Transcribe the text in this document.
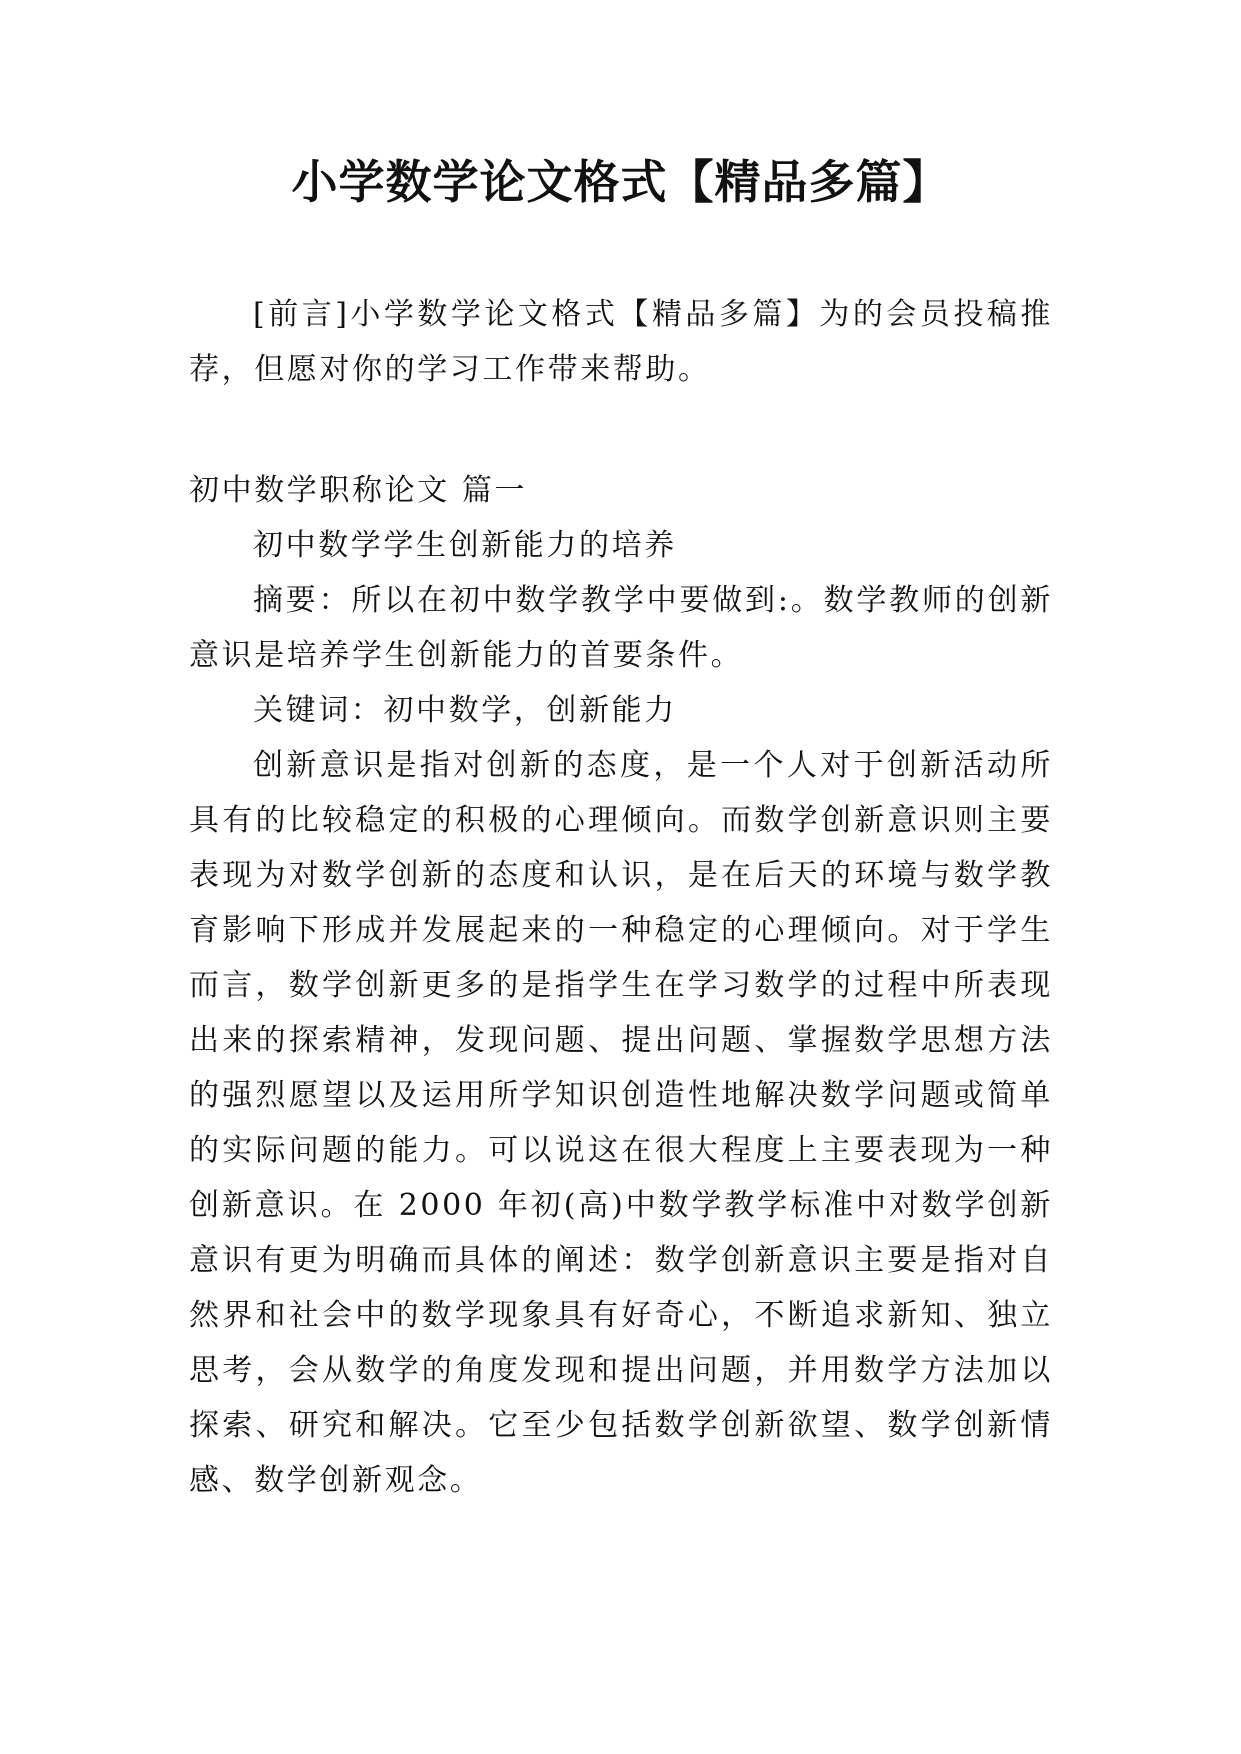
小学数学论文格式【精品多篇】

[前言]小学数学论文格式【精品多篇】为的会员投稿推荐，但愿对你的学习工作带来帮助。

初中数学职称论文 篇一

初中数学学生创新能力的培养

摘要：所以在初中数学教学中要做到:。数学教师的创新意识是培养学生创新能力的首要条件。

关键词：初中数学，创新能力

创新意识是指对创新的态度，是一个人对于创新活动所具有的比较稳定的积极的心理倾向。而数学创新意识则主要表现为对数学创新的态度和认识，是在后天的环境与数学教育影响下形成并发展起来的一种稳定的心理倾向。对于学生而言，数学创新更多的是指学生在学习数学的过程中所表现出来的探索精神，发现问题、提出问题、掌握数学思想方法的强烈愿望以及运用所学知识创造性地解决数学问题或简单的实际问题的能力。可以说这在很大程度上主要表现为一种创新意识。在 2000 年初(高)中数学教学标准中对数学创新意识有更为明确而具体的阐述：数学创新意识主要是指对自然界和社会中的数学现象具有好奇心，不断追求新知、独立思考，会从数学的角度发现和提出问题，并用数学方法加以探索、研究和解决。它至少包括数学创新欲望、数学创新情感、数学创新观念。
